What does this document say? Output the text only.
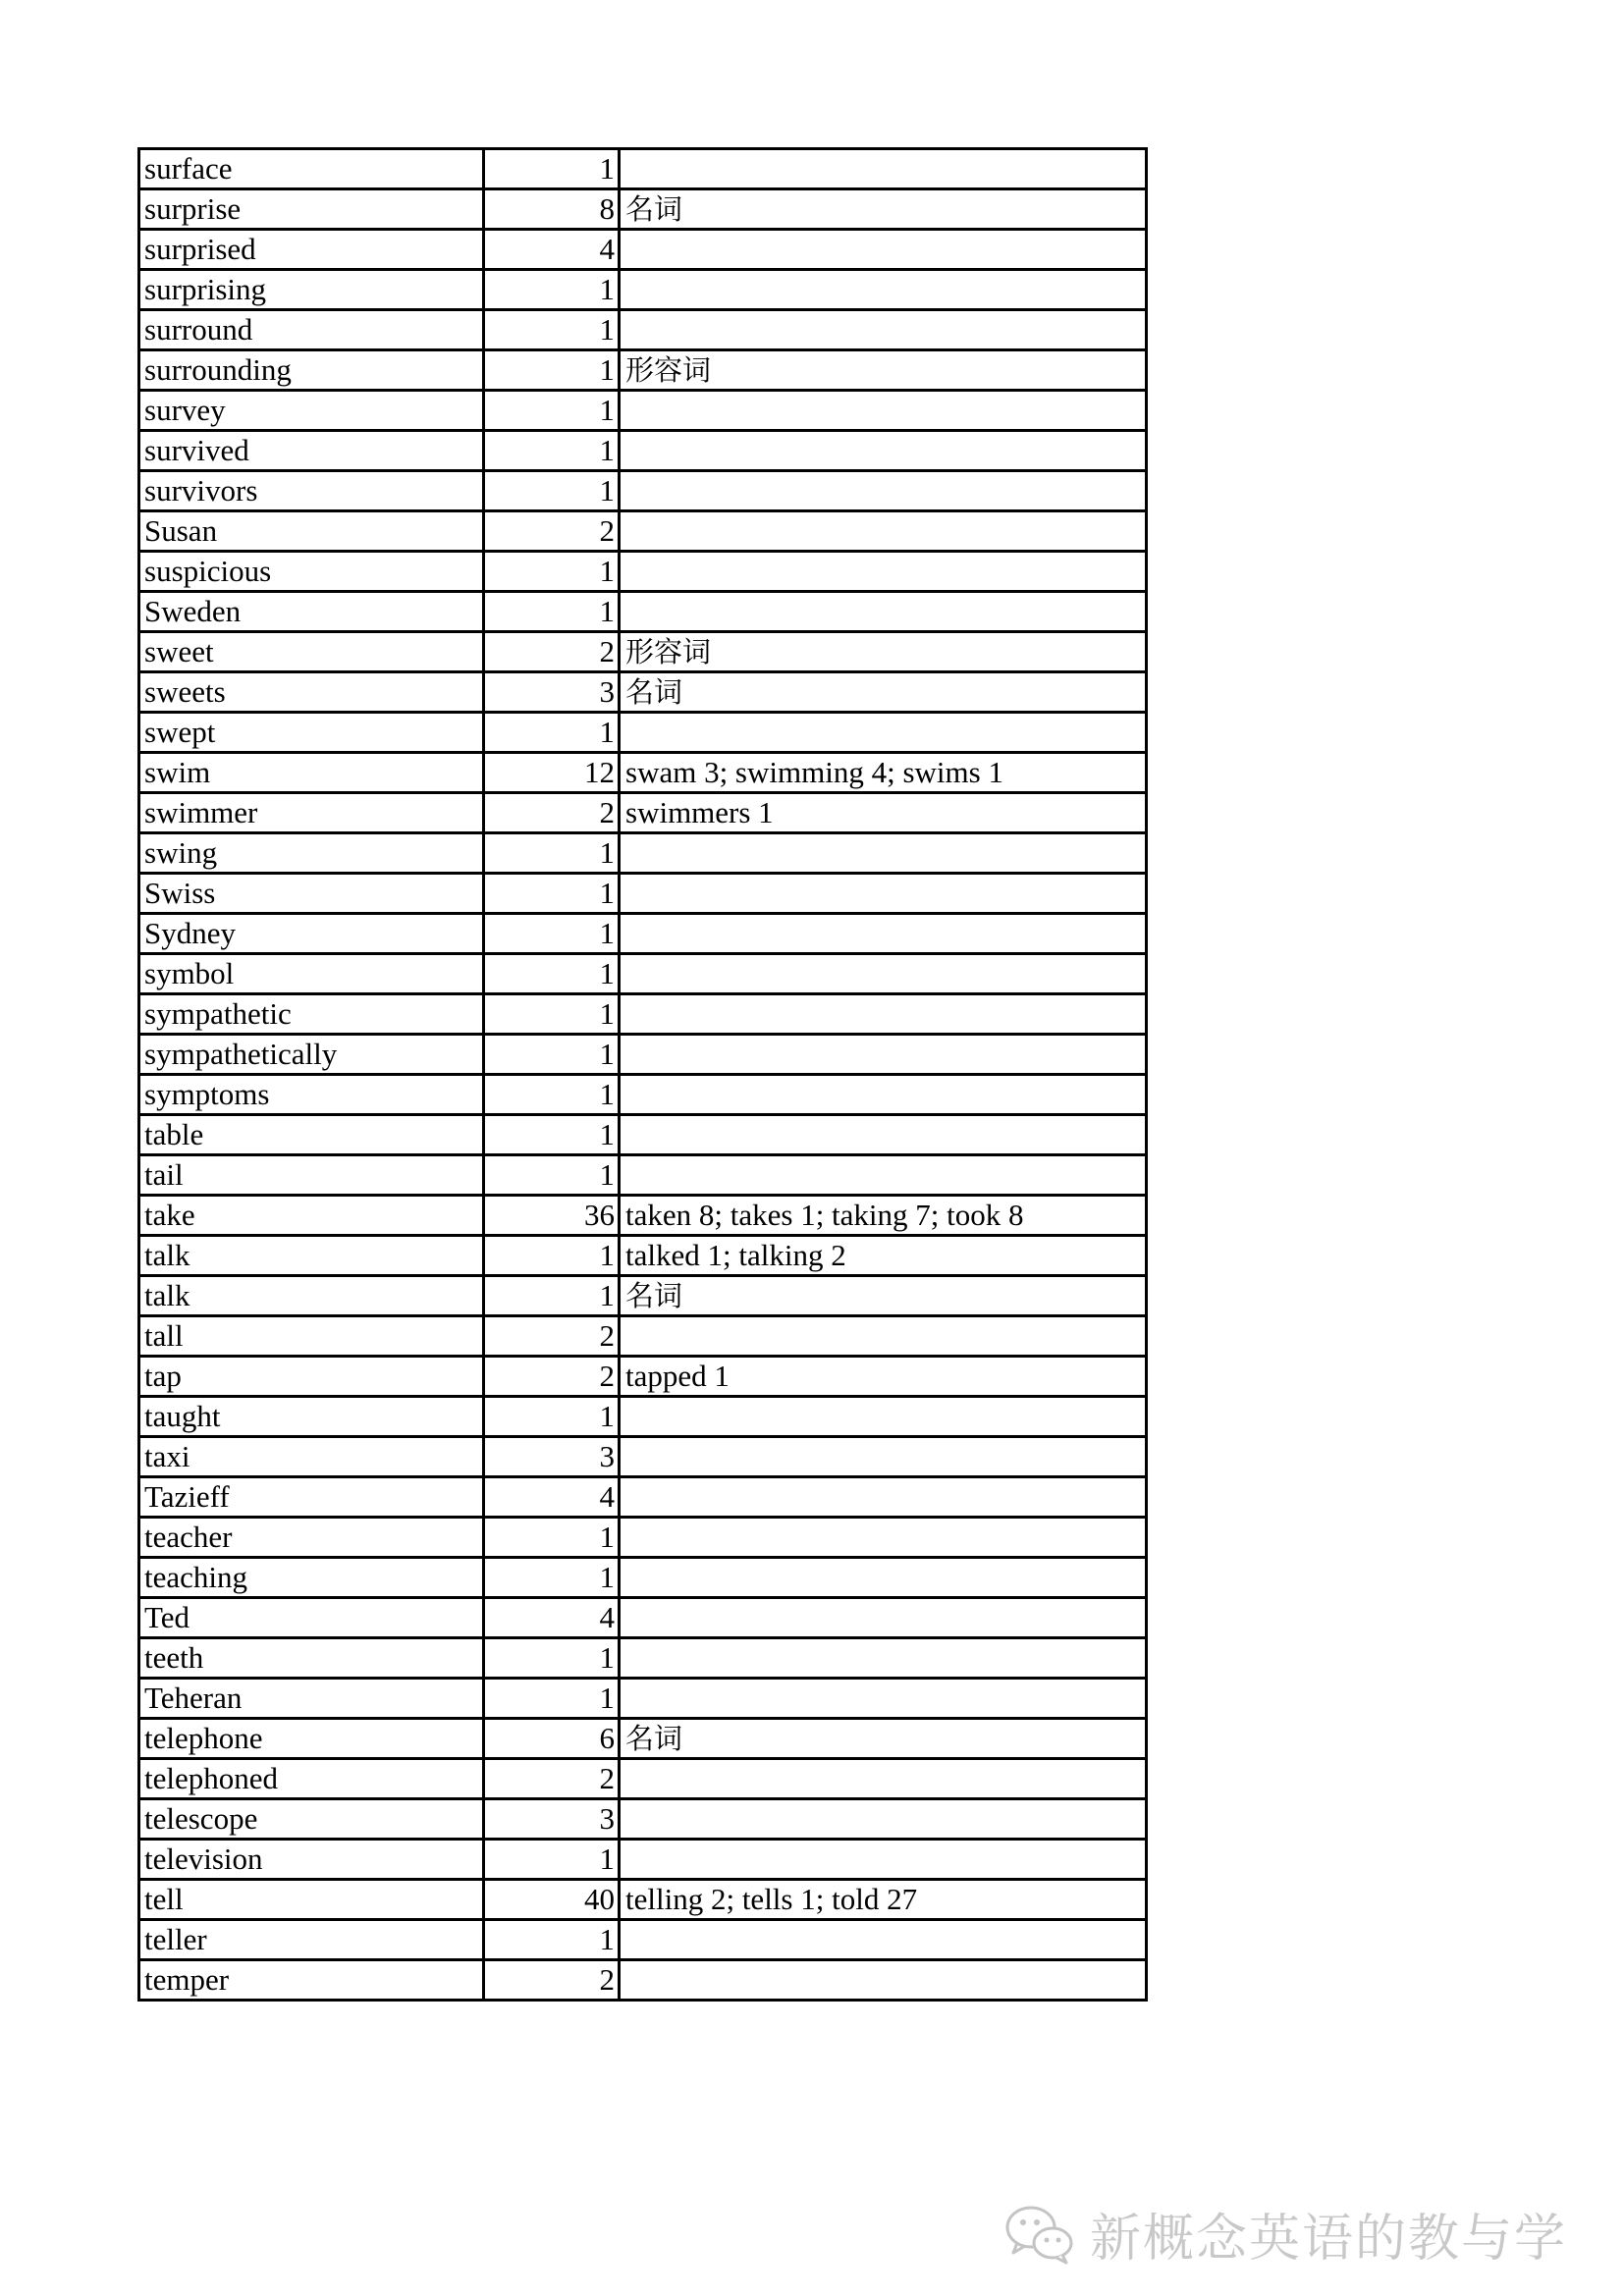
surface	1	
surprise	8	名词
surprised	4	
surprising	1	
surround	1	
surrounding	1	形容词
survey	1	
survived	1	
survivors	1	
Susan	2	
suspicious	1	
Sweden	1	
sweet	2	形容词
sweets	3	名词
swept	1	
swim	12	swam 3; swimming 4; swims 1
swimmer	2	swimmers 1
swing	1	
Swiss	1	
Sydney	1	
symbol	1	
sympathetic	1	
sympathetically	1	
symptoms	1	
table	1	
tail	1	
take	36	taken 8; takes 1; taking 7; took 8
talk	1	talked 1; talking 2
talk	1	名词
tall	2	
tap	2	tapped 1
taught	1	
taxi	3	
Tazieff	4	
teacher	1	
teaching	1	
Ted	4	
teeth	1	
Teheran	1	
telephone	6	名词
telephoned	2	
telescope	3	
television	1	
tell	40	telling 2; tells 1; told 27
teller	1	
temper	2	
新概念英语的教与学
